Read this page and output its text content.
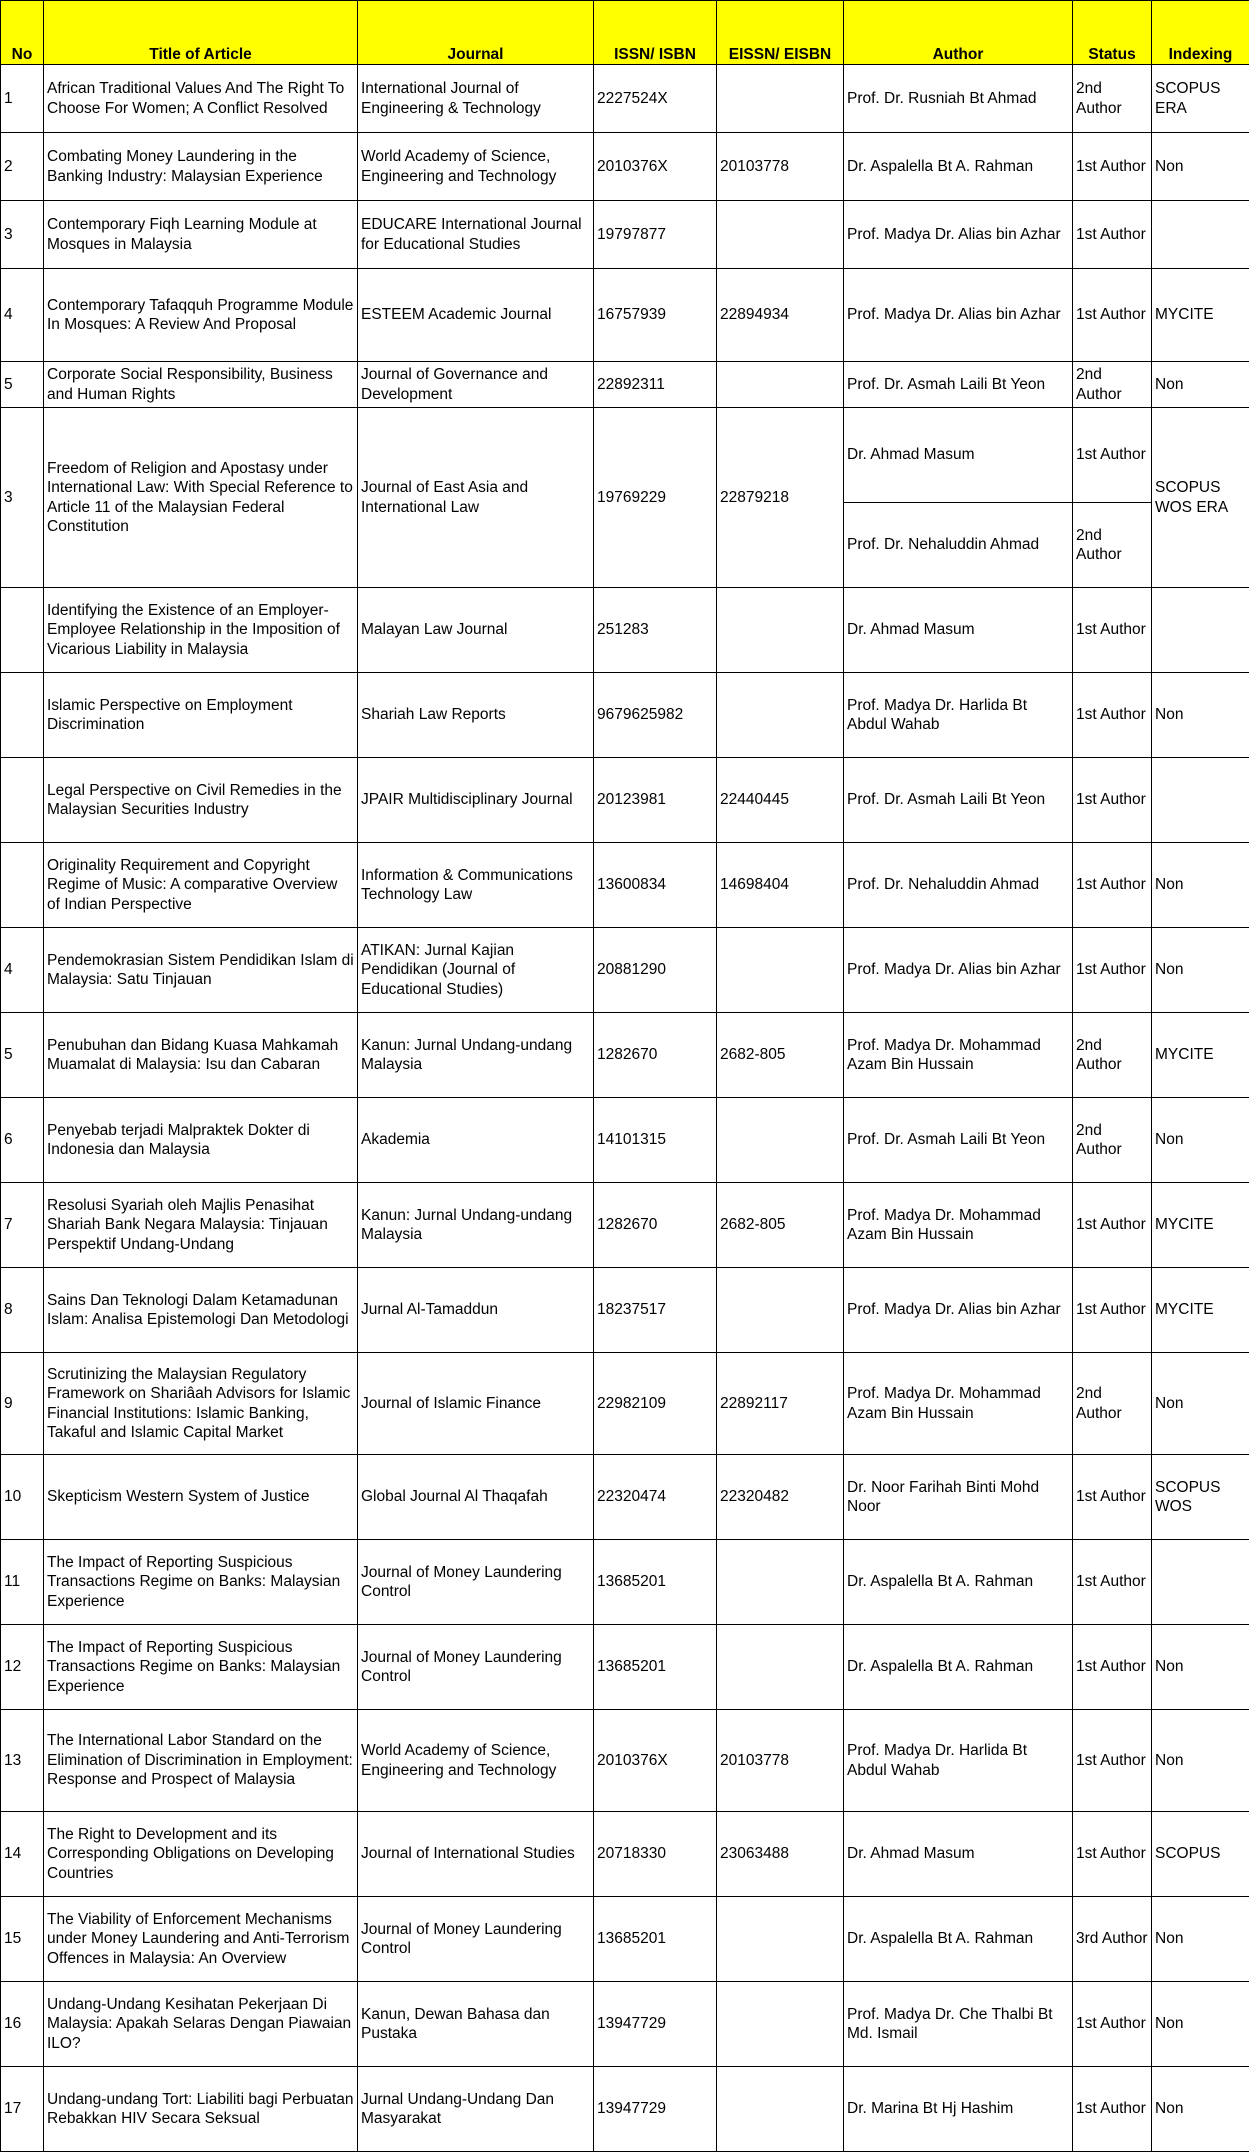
No	Title of Article	Journal	ISSN/ ISBN	EISSN/ EISBN	Author	Status	Indexing
1	African Traditional Values And The Right To Choose For Women; A Conflict Resolved	International Journal of Engineering & Technology	2227524X		Prof. Dr. Rusniah Bt Ahmad	2nd Author	SCOPUS ERA
2	Combating Money Laundering in the Banking Industry: Malaysian Experience	World Academy of Science, Engineering and Technology	2010376X	20103778	Dr. Aspalella Bt A. Rahman	1st Author	Non
3	Contemporary Fiqh Learning Module at Mosques in Malaysia	EDUCARE International Journal for Educational Studies	19797877		Prof. Madya Dr. Alias bin Azhar	1st Author	
4	Contemporary Tafaqquh Programme Module In Mosques: A Review And Proposal	ESTEEM Academic Journal	16757939	22894934	Prof. Madya Dr. Alias bin Azhar	1st Author	MYCITE
5	Corporate Social Responsibility, Business and Human Rights	Journal of Governance and Development	22892311		Prof. Dr. Asmah Laili Bt Yeon	2nd Author	Non
3	Freedom of Religion and Apostasy under International Law: With Special Reference to Article 11 of the Malaysian Federal Constitution	Journal of East Asia and International Law	19769229	22879218	Dr. Ahmad Masum	1st Author	SCOPUS WOS ERA
					Prof. Dr. Nehaluddin Ahmad	2nd Author	
	Identifying the Existence of an Employer-Employee Relationship in the Imposition of Vicarious Liability in Malaysia	Malayan Law Journal	251283		Dr. Ahmad Masum	1st Author	
	Islamic Perspective on Employment Discrimination	Shariah Law Reports	9679625982		Prof. Madya Dr. Harlida Bt Abdul Wahab	1st Author	Non
	Legal Perspective on Civil Remedies in the Malaysian Securities Industry	JPAIR Multidisciplinary Journal	20123981	22440445	Prof. Dr. Asmah Laili Bt Yeon	1st Author	
	Originality Requirement and Copyright Regime of Music: A comparative Overview of Indian Perspective	Information & Communications Technology Law	13600834	14698404	Prof. Dr. Nehaluddin Ahmad	1st Author	Non
4	Pendemokrasian Sistem Pendidikan Islam di Malaysia: Satu Tinjauan	ATIKAN: Jurnal Kajian Pendidikan (Journal of Educational Studies)	20881290		Prof. Madya Dr. Alias bin Azhar	1st Author	Non
5	Penubuhan dan Bidang Kuasa Mahkamah Muamalat di Malaysia: Isu dan Cabaran	Kanun: Jurnal Undang-undang Malaysia	1282670	2682-805	Prof. Madya Dr. Mohammad Azam Bin Hussain	2nd Author	MYCITE
6	Penyebab terjadi Malpraktek Dokter di Indonesia dan Malaysia	Akademia	14101315		Prof. Dr. Asmah Laili Bt Yeon	2nd Author	Non
7	Resolusi Syariah oleh Majlis Penasihat Shariah Bank Negara Malaysia: Tinjauan Perspektif Undang-Undang	Kanun: Jurnal Undang-undang Malaysia	1282670	2682-805	Prof. Madya Dr. Mohammad Azam Bin Hussain	1st Author	MYCITE
8	Sains Dan Teknologi Dalam Ketamadunan Islam: Analisa Epistemologi Dan Metodologi	Jurnal Al-Tamaddun	18237517		Prof. Madya Dr. Alias bin Azhar	1st Author	MYCITE
9	Scrutinizing the Malaysian Regulatory Framework on Shariâah Advisors for Islamic Financial Institutions: Islamic Banking, Takaful and Islamic Capital Market	Journal of Islamic Finance	22982109	22892117	Prof. Madya Dr. Mohammad Azam Bin Hussain	2nd Author	Non
10	Skepticism Western System of Justice	Global Journal Al Thaqafah	22320474	22320482	Dr. Noor Farihah Binti Mohd Noor	1st Author	SCOPUS WOS
11	The Impact of Reporting Suspicious Transactions Regime on Banks: Malaysian Experience	Journal of Money Laundering Control	13685201		Dr. Aspalella Bt A. Rahman	1st Author	
12	The Impact of Reporting Suspicious Transactions Regime on Banks: Malaysian Experience	Journal of Money Laundering Control	13685201		Dr. Aspalella Bt A. Rahman	1st Author	Non
13	The International Labor Standard on the Elimination of Discrimination in Employment: Response and Prospect of Malaysia	World Academy of Science, Engineering and Technology	2010376X	20103778	Prof. Madya Dr. Harlida Bt Abdul Wahab	1st Author	Non
14	The Right to Development and its Corresponding Obligations on Developing Countries	Journal of International Studies	20718330	23063488	Dr. Ahmad Masum	1st Author	SCOPUS
15	The Viability of Enforcement Mechanisms under Money Laundering and Anti-Terrorism Offences in Malaysia: An Overview	Journal of Money Laundering Control	13685201		Dr. Aspalella Bt A. Rahman	3rd Author	Non
16	Undang-Undang Kesihatan Pekerjaan Di Malaysia: Apakah Selaras Dengan Piawaian ILO?	Kanun, Dewan Bahasa dan Pustaka	13947729		Prof. Madya Dr. Che Thalbi Bt Md. Ismail	1st Author	Non
17	Undang-undang Tort: Liabiliti bagi Perbuatan Rebakkan HIV Secara Seksual	Jurnal Undang-Undang Dan Masyarakat	13947729		Dr. Marina Bt Hj Hashim	1st Author	Non
